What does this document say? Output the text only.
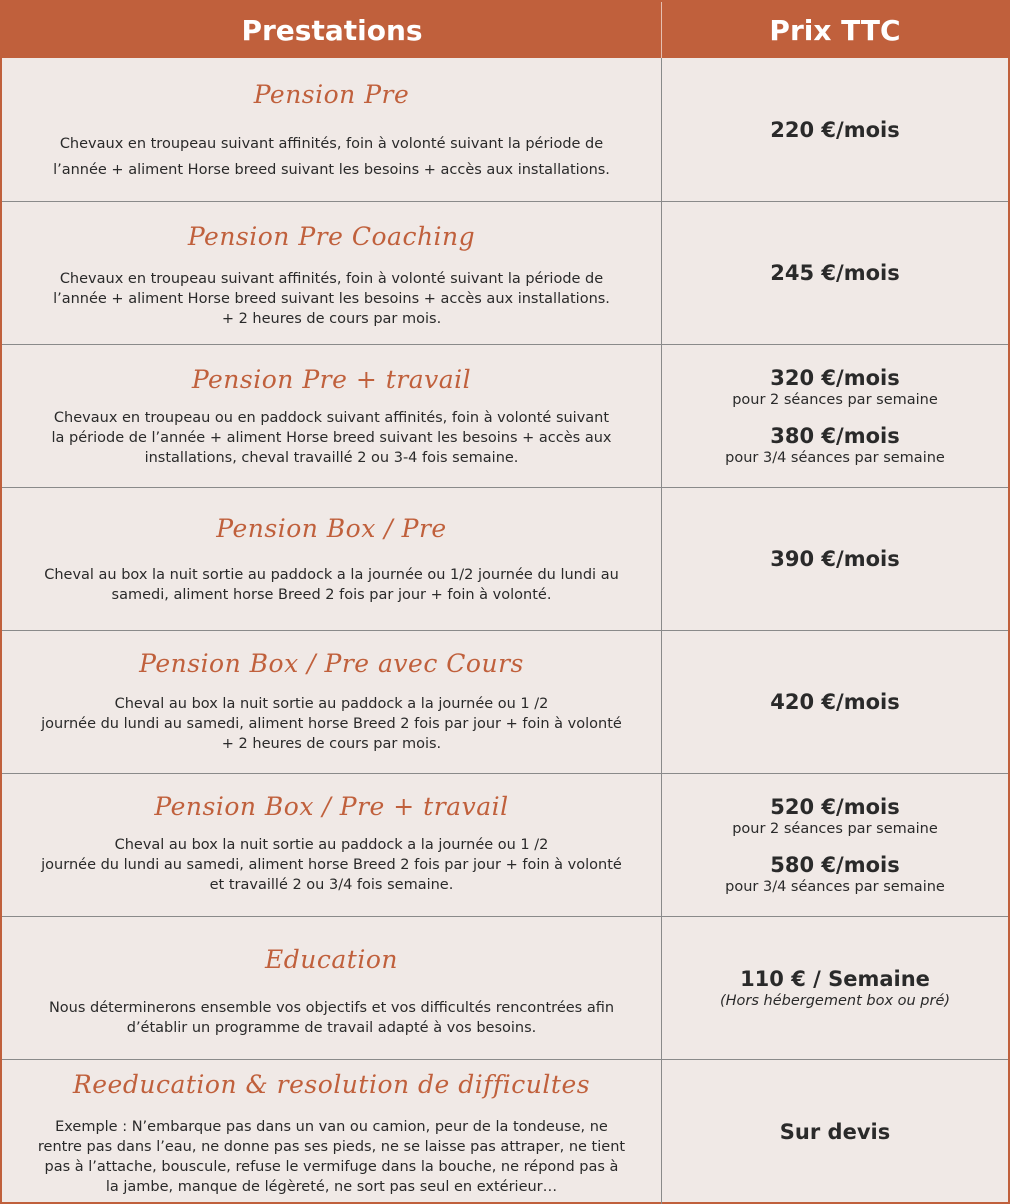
Prestations	Prix TTC
Pension Pre
Chevaux en troupeau suivant affinités, foin à volonté suivant la période de
l’année + aliment Horse breed suivant les besoins + accès aux installations.
220 €/mois
Pension Pre Coaching
Chevaux en troupeau suivant affinités, foin à volonté suivant la période de
l’année + aliment Horse breed suivant les besoins + accès aux installations.
+ 2 heures de cours par mois.
245 €/mois
Pension Pre + travail
Chevaux en troupeau ou en paddock suivant affinités, foin à volonté suivant
la période de l’année + aliment Horse breed suivant les besoins + accès aux
installations, cheval travaillé 2 ou 3-4 fois semaine.
320 €/mois
pour 2 séances par semaine
380 €/mois
pour 3/4 séances par semaine
Pension Box / Pre
Cheval au box la nuit sortie au paddock a la journée ou 1/2 journée du lundi au
samedi, aliment horse Breed 2 fois par jour + foin à volonté.
390 €/mois
Pension Box / Pre avec Cours
Cheval au box la nuit sortie au paddock a la journée ou 1 /2
journée du lundi au samedi, aliment horse Breed 2 fois par jour + foin à volonté
+ 2 heures de cours par mois.
420 €/mois
Pension Box / Pre + travail
Cheval au box la nuit sortie au paddock a la journée ou 1 /2
journée du lundi au samedi, aliment horse Breed 2 fois par jour + foin à volonté
et travaillé 2 ou 3/4 fois semaine.
520 €/mois
pour 2 séances par semaine
580 €/mois
pour 3/4 séances par semaine
Education
Nous déterminerons ensemble vos objectifs et vos difficultés rencontrées afin
d’établir un programme de travail adapté à vos besoins.
110 € / Semaine
(Hors hébergement box ou pré)
Reeducation & resolution de difficultes
Exemple : N’embarque pas dans un van ou camion, peur de la tondeuse, ne
rentre pas dans l’eau, ne donne pas ses pieds, ne se laisse pas attraper, ne tient
pas à l’attache, bouscule, refuse le vermifuge dans la bouche, ne répond pas à
la jambe, manque de légèreté, ne sort pas seul en extérieur…
Sur devis
